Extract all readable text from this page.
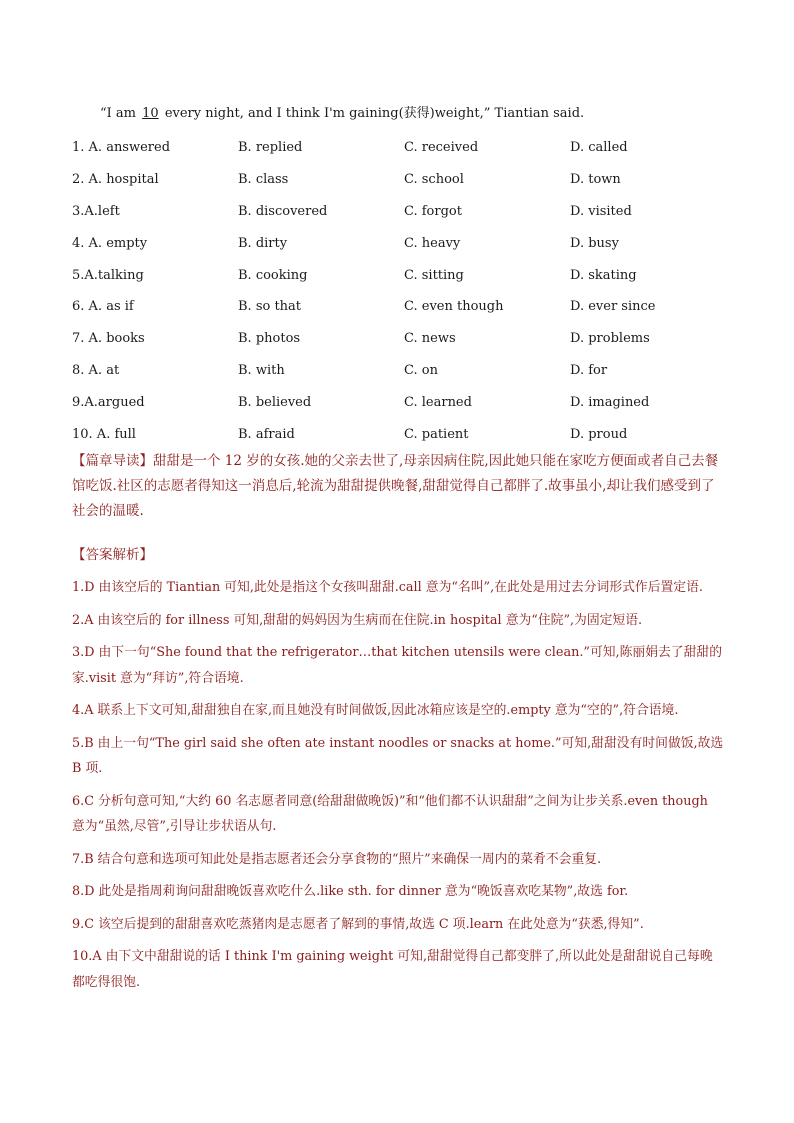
“I am 10 every night, and I think I'm gaining(获得)weight,” Tiantian said.
1. A. answered	B. replied	C. received	D. called
2. A. hospital	B. class	C. school	D. town
3.A.left	B. discovered	C. forgot	D. visited
4. A. empty	B. dirty	C. heavy	D. busy
5.A.talking	B. cooking	C. sitting	D. skating
6. A. as if	B. so that	C. even though	D. ever since
7. A. books	B. photos	C. news	D. problems
8. A. at	B. with	C. on	D. for
9.A.argued	B. believed	C. learned	D. imagined
10. A. full	B. afraid	C. patient	D. proud
【篇章导读】甜甜是一个 12 岁的女孩.她的父亲去世了,母亲因病住院,因此她只能在家吃方便面或者自己去餐馆吃饭.社区的志愿者得知这一消息后,轮流为甜甜提供晚餐,甜甜觉得自己都胖了.故事虽小,却让我们感受到了社会的温暖.
【答案解析】

1.D 由该空后的 Tiantian 可知,此处是指这个女孩叫甜甜.call 意为“名叫”,在此处是用过去分词形式作后置定语.

2.A 由该空后的 for illness 可知,甜甜的妈妈因为生病而在住院.in hospital 意为“住院”,为固定短语.

3.D 由下一句“She found that the refrigerator…that kitchen utensils were clean.”可知,陈丽娟去了甜甜的家.visit 意为“拜访”,符合语境.

4.A 联系上下文可知,甜甜独自在家,而且她没有时间做饭,因此冰箱应该是空的.empty 意为“空的”,符合语境.

5.B 由上一句“The girl said she often ate instant noodles or snacks at home.”可知,甜甜没有时间做饭,故选 B 项.

6.C 分析句意可知,“大约 60 名志愿者同意(给甜甜做晚饭)”和“他们都不认识甜甜”之间为让步关系.even though 意为“虽然,尽管”,引导让步状语从句.

7.B 结合句意和选项可知此处是指志愿者还会分享食物的“照片”来确保一周内的菜肴不会重复.

8.D 此处是指周莉询问甜甜晚饭喜欢吃什么.like sth. for dinner 意为“晚饭喜欢吃某物”,故选 for.

9.C 该空后提到的甜甜喜欢吃蒸猪肉是志愿者了解到的事情,故选 C 项.learn 在此处意为“获悉,得知”.

10.A 由下文中甜甜说的话 I think I'm gaining weight 可知,甜甜觉得自己都变胖了,所以此处是甜甜说自己每晚都吃得很饱.
